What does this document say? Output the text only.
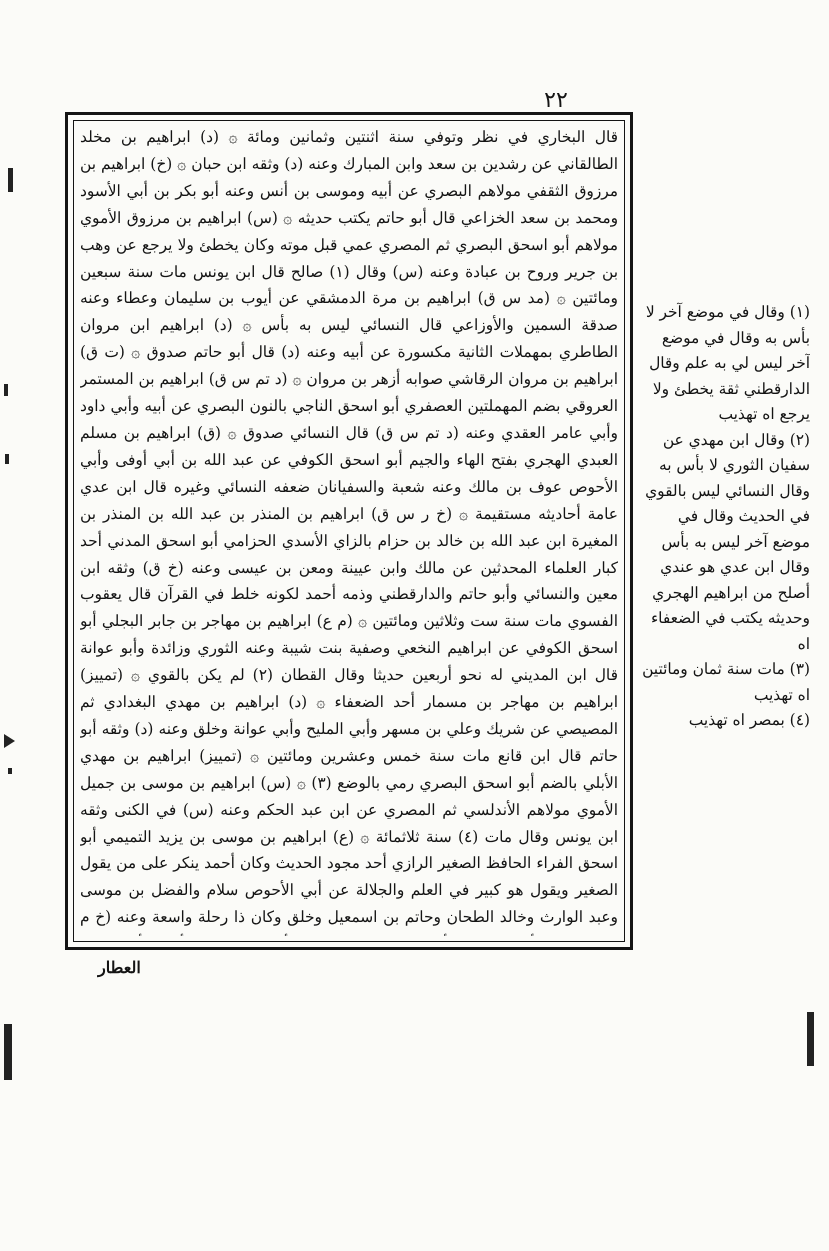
٢٢
قال البخاري في نظر وتوفي سنة اثنتين وثمانين ومائة ۞ (د) ابراهيم بن مخلد الطالقاني عن رشدين بن سعد وابن المبارك وعنه (د) وثقه ابن حبان ۞ (خ) ابراهيم بن مرزوق الثقفي مولاهم البصري عن أبيه وموسى بن أنس وعنه أبو بكر بن أبي الأسود ومحمد بن سعد الخزاعي قال أبو حاتم يكتب حديثه ۞ (س) ابراهيم بن مرزوق الأموي مولاهم أبو اسحق البصري ثم المصري عمي قبل موته وكان يخطئ ولا يرجع عن وهب بن جرير وروح بن عبادة وعنه (س) وقال (١) صالح قال ابن يونس مات سنة سبعين ومائتين ۞ (مد س ق) ابراهيم بن مرة الدمشقي عن أيوب بن سليمان وعطاء وعنه صدقة السمين والأوزاعي قال النسائي ليس به بأس ۞ (د) ابراهيم ابن مروان الطاطري بمهملات الثانية مكسورة عن أبيه وعنه (د) قال أبو حاتم صدوق ۞ (ت ق) ابراهيم بن مروان الرقاشي صوابه أزهر بن مروان ۞ (د تم س ق) ابراهيم بن المستمر العروقي بضم المهملتين العصفري أبو اسحق الناجي بالنون البصري عن أبيه وأبي داود وأبي عامر العقدي وعنه (د تم س ق) قال النسائي صدوق ۞ (ق) ابراهيم بن مسلم العبدي الهجري بفتح الهاء والجيم أبو اسحق الكوفي عن عبد الله بن أبي أوفى وأبي الأحوص عوف بن مالك وعنه شعبة والسفيانان ضعفه النسائي وغيره قال ابن عدي عامة أحاديثه مستقيمة ۞ (خ ر س ق) ابراهيم بن المنذر بن عبد الله بن المنذر بن المغيرة ابن عبد الله بن خالد بن حزام بالزاي الأسدي الحزامي أبو اسحق المدني أحد كبار العلماء المحدثين عن مالك وابن عيينة ومعن بن عيسى وعنه (خ ق) وثقه ابن معين والنسائي وأبو حاتم والدارقطني وذمه أحمد لكونه خلط في القرآن قال يعقوب الفسوي مات سنة ست وثلاثين ومائتين ۞ (م ع) ابراهيم بن مهاجر بن جابر البجلي أبو اسحق الكوفي عن ابراهيم النخعي وصفية بنت شيبة وعنه الثوري وزائدة وأبو عوانة قال ابن المديني له نحو أربعين حديثا وقال القطان (٢) لم يكن بالقوي ۞ (تمييز) ابراهيم بن مهاجر بن مسمار أحد الضعفاء ۞ (د) ابراهيم بن مهدي البغدادي ثم المصيصي عن شريك وعلي بن مسهر وأبي المليح وأبي عوانة وخلق وعنه (د) وثقه أبو حاتم قال ابن قانع مات سنة خمس وعشرين ومائتين ۞ (تمييز) ابراهيم بن مهدي الأبلي بالضم أبو اسحق البصري رمي بالوضع (٣) ۞ (س) ابراهيم بن موسى بن جميل الأموي مولاهم الأندلسي ثم المصري عن ابن عبد الحكم وعنه (س) في الكنى وثقه ابن يونس وقال مات (٤) سنة ثلاثمائة ۞ (ع) ابراهيم بن موسى بن يزيد التميمي أبو اسحق الفراء الحافظ الصغير الرازي أحد مجود الحديث وكان أحمد ينكر على من يقول الصغير ويقول هو كبير في العلم والجلالة عن أبي الأحوص سلام والفضل بن موسى وعبد الوارث وخالد الطحان وحاتم بن اسمعيل وخلق وكان ذا رحلة واسعة وعنه (خ م
(١) وقال في موضع آخر لا بأس به وقال في موضع آخر ليس لي به علم وقال الدارقطني ثقة يخطئ ولا يرجع اه تهذيب
(٢) وقال ابن مهدي عن سفيان الثوري لا بأس به وقال النسائي ليس بالقوي في الحديث وقال في موضع آخر ليس به بأس وقال ابن عدي هو عندي أصلح من ابراهيم الهجري وحديثه يكتب في الضعفاء اه
(٣) مات سنة ثمان ومائتين اه تهذيب
(٤) بمصر اه تهذيب
العطار
